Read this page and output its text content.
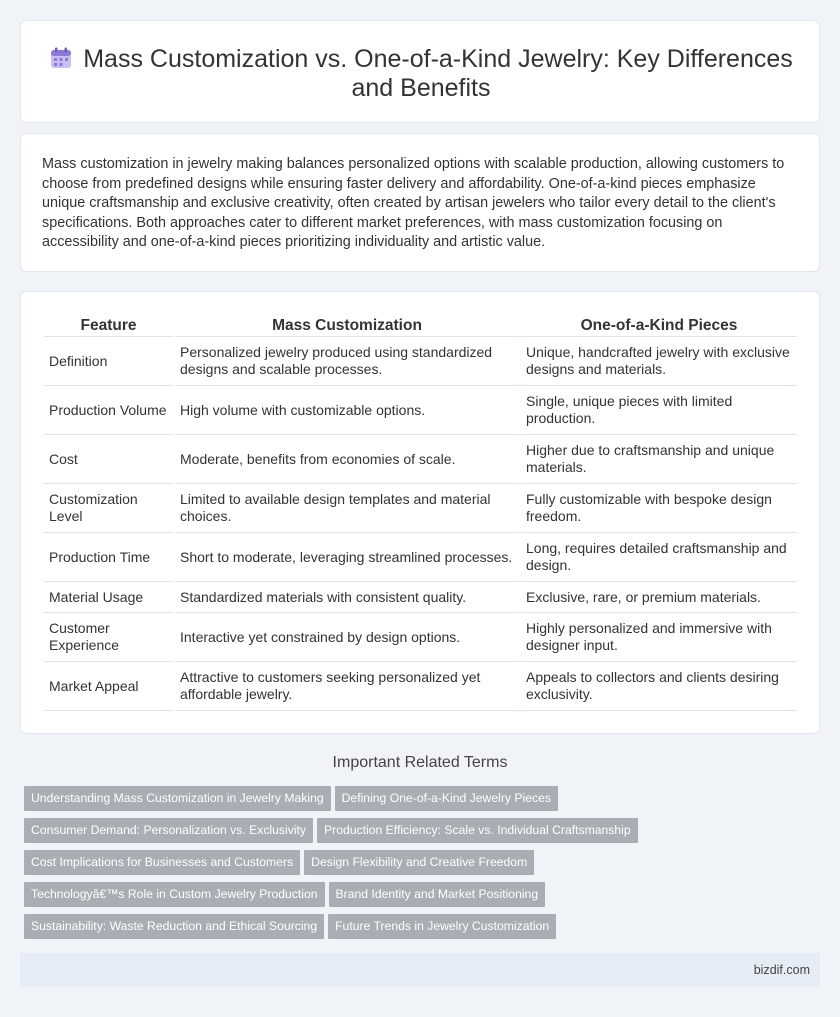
Mass Customization vs. One-of-a-Kind Jewelry: Key Differences
and Benefits

Mass customization in jewelry making balances personalized options with scalable production, allowing customers to choose from predefined designs while ensuring faster delivery and affordability. One-of-a-kind pieces emphasize unique craftsmanship and exclusive creativity, often created by artisan jewelers who tailor every detail to the client's specifications. Both approaches cater to different market preferences, with mass customization focusing on accessibility and one-of-a-kind pieces prioritizing individuality and artistic value.

Feature	Mass Customization	One-of-a-Kind Pieces
Definition	Personalized jewelry produced using standardized designs and scalable processes.	Unique, handcrafted jewelry with exclusive designs and materials.
Production Volume	High volume with customizable options.	Single, unique pieces with limited production.
Cost	Moderate, benefits from economies of scale.	Higher due to craftsmanship and unique materials.
Customization Level	Limited to available design templates and material choices.	Fully customizable with bespoke design freedom.
Production Time	Short to moderate, leveraging streamlined processes.	Long, requires detailed craftsmanship and design.
Material Usage	Standardized materials with consistent quality.	Exclusive, rare, or premium materials.
Customer Experience	Interactive yet constrained by design options.	Highly personalized and immersive with designer input.
Market Appeal	Attractive to customers seeking personalized yet affordable jewelry.	Appeals to collectors and clients desiring exclusivity.
Important Related Terms
Understanding Mass Customization in Jewelry Making Defining One-of-a-Kind Jewelry Pieces
Consumer Demand: Personalization vs. Exclusivity Production Efficiency: Scale vs. Individual Craftsmanship
Cost Implications for Businesses and Customers Design Flexibility and Creative Freedom
Technologyâ€™s Role in Custom Jewelry Production Brand Identity and Market Positioning
Sustainability: Waste Reduction and Ethical Sourcing Future Trends in Jewelry Customization
bizdif.com
